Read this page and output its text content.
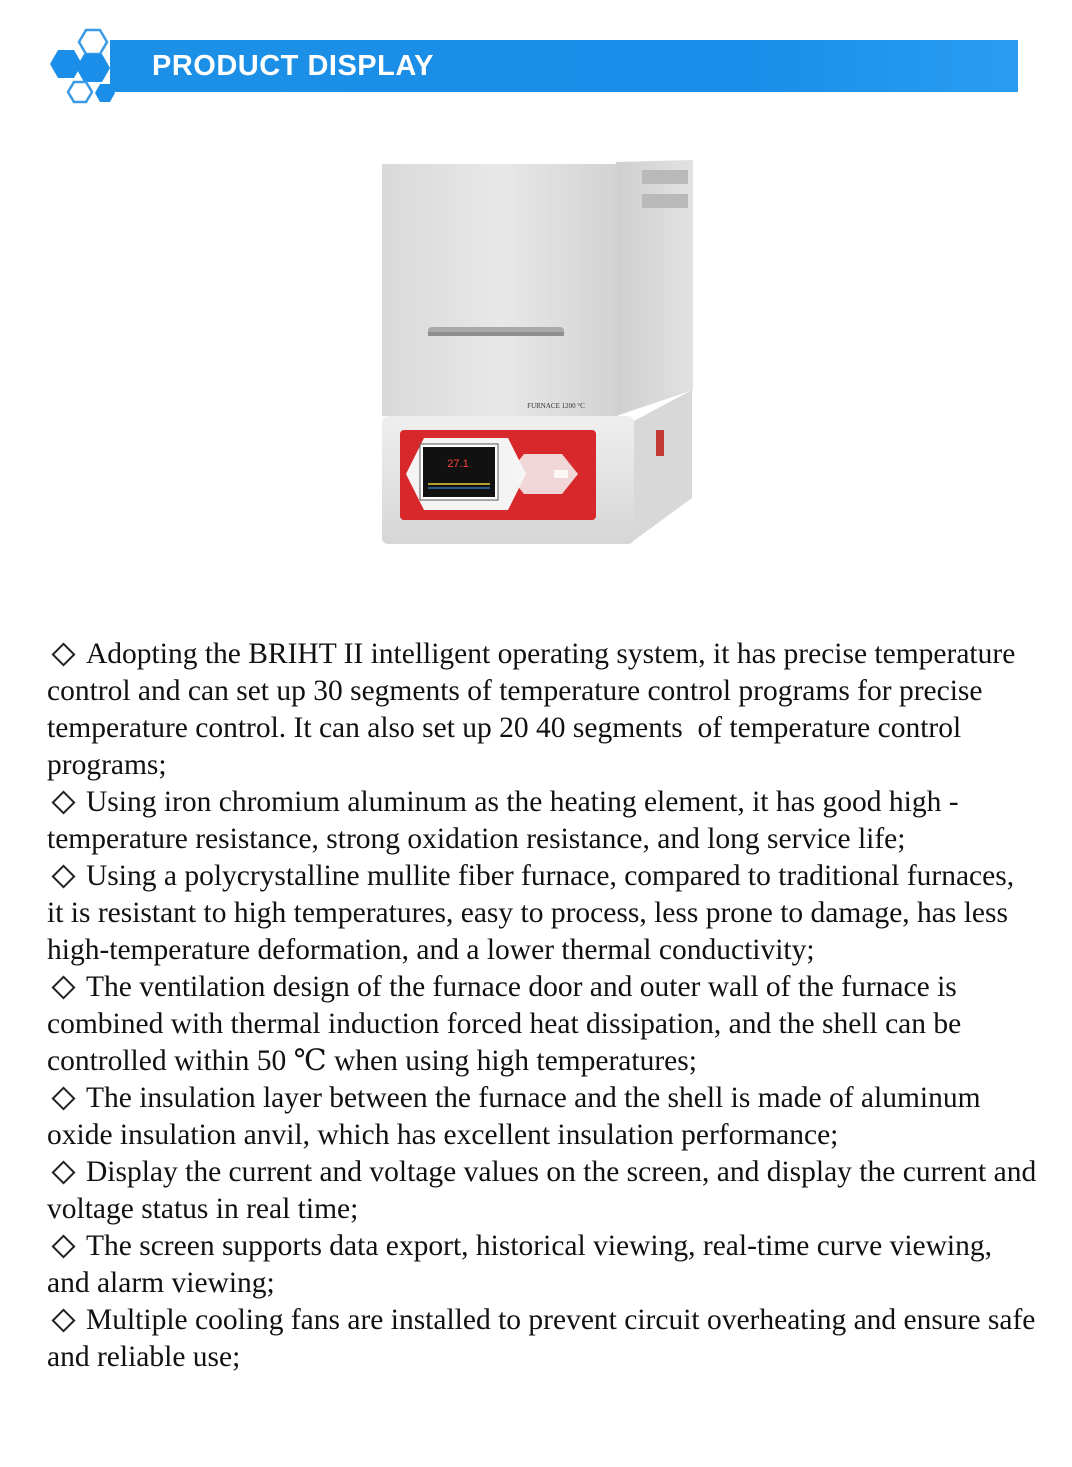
PRODUCT DISPLAY
FURNACE 1200 °C
27.1
Adopting the BRIHT II intelligent operating system, it has precise temperature control and can set up 30 segments of temperature control programs for precise temperature control. It can also set up 20 40 segments  of temperature control programs;
Using iron chromium aluminum as the heating element, it has good high -temperature resistance, strong oxidation resistance, and long service life;
Using a polycrystalline mullite fiber furnace, compared to traditional furnaces, it is resistant to high temperatures, easy to process, less prone to damage, has less high-temperature deformation, and a lower thermal conductivity;
The ventilation design of the furnace door and outer wall of the furnace is combined with thermal induction forced heat dissipation, and the shell can be controlled within 50 ℃ when using high temperatures;
The insulation layer between the furnace and the shell is made of aluminum oxide insulation anvil, which has excellent insulation performance;
Display the current and voltage values on the screen, and display the current and voltage status in real time;
The screen supports data export, historical viewing, real-time curve viewing, and alarm viewing;
Multiple cooling fans are installed to prevent circuit overheating and ensure safe and reliable use;
